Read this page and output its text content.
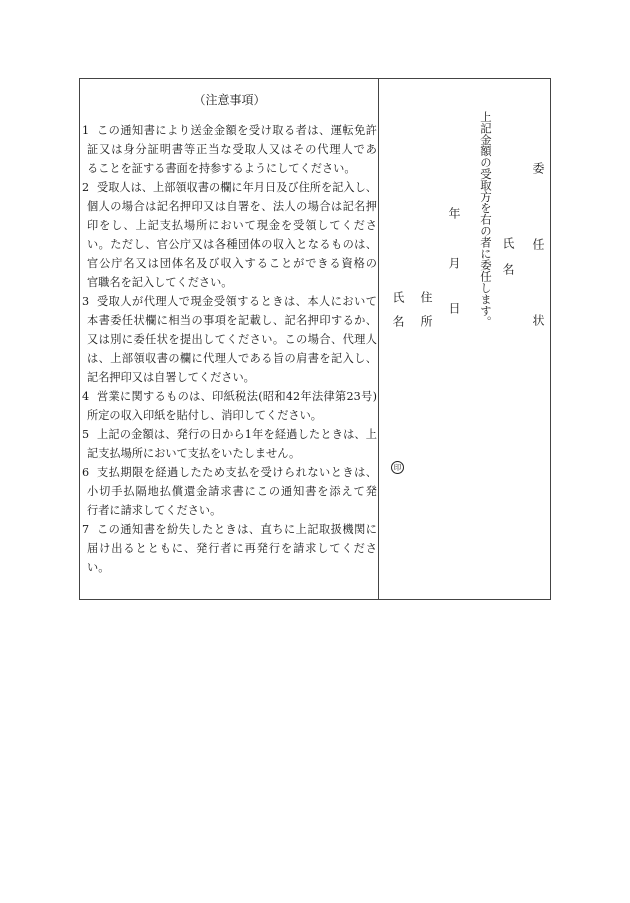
（注意事項）
1 この通知書により送金金額を受け取る者は、運転免許
証又は身分証明書等正当な受取人又はその代理人であ
ることを証する書面を持参するようにしてください。
2 受取人は、上部領収書の欄に年月日及び住所を記入し、
個人の場合は記名押印又は自署を、法人の場合は記名押
印をし、上記支払場所において現金を受領してくださ
い。ただし、官公庁又は各種団体の収入となるものは、
官公庁名又は団体名及び収入することができる資格の
官職名を記入してください。
3 受取人が代理人で現金受領するときは、本人において
本書委任状欄に相当の事項を記載し、記名押印するか、
又は別に委任状を提出してください。この場合、代理人
は、上部領収書の欄に代理人である旨の肩書を記入し、
記名押印又は自署してください。
4 営業に関するものは、印紙税法(昭和42年法律第23号)
所定の収入印紙を貼付し、消印してください。
5 上記の金額は、発行の日から1年を経過したときは、上
記支払場所において支払をいたしません。
6 支払期限を経過したため支払を受けられないときは、
小切手払隔地払償還金請求書にこの通知書を添えて発
行者に請求してください。
7 この通知書を紛失したときは、直ちに上記取扱機関に
届け出るとともに、発行者に再発行を請求してくださ
い。
委任状
氏名
上記金額の受取方を右の者に委任します。
年
月
日
住所
氏名
印
